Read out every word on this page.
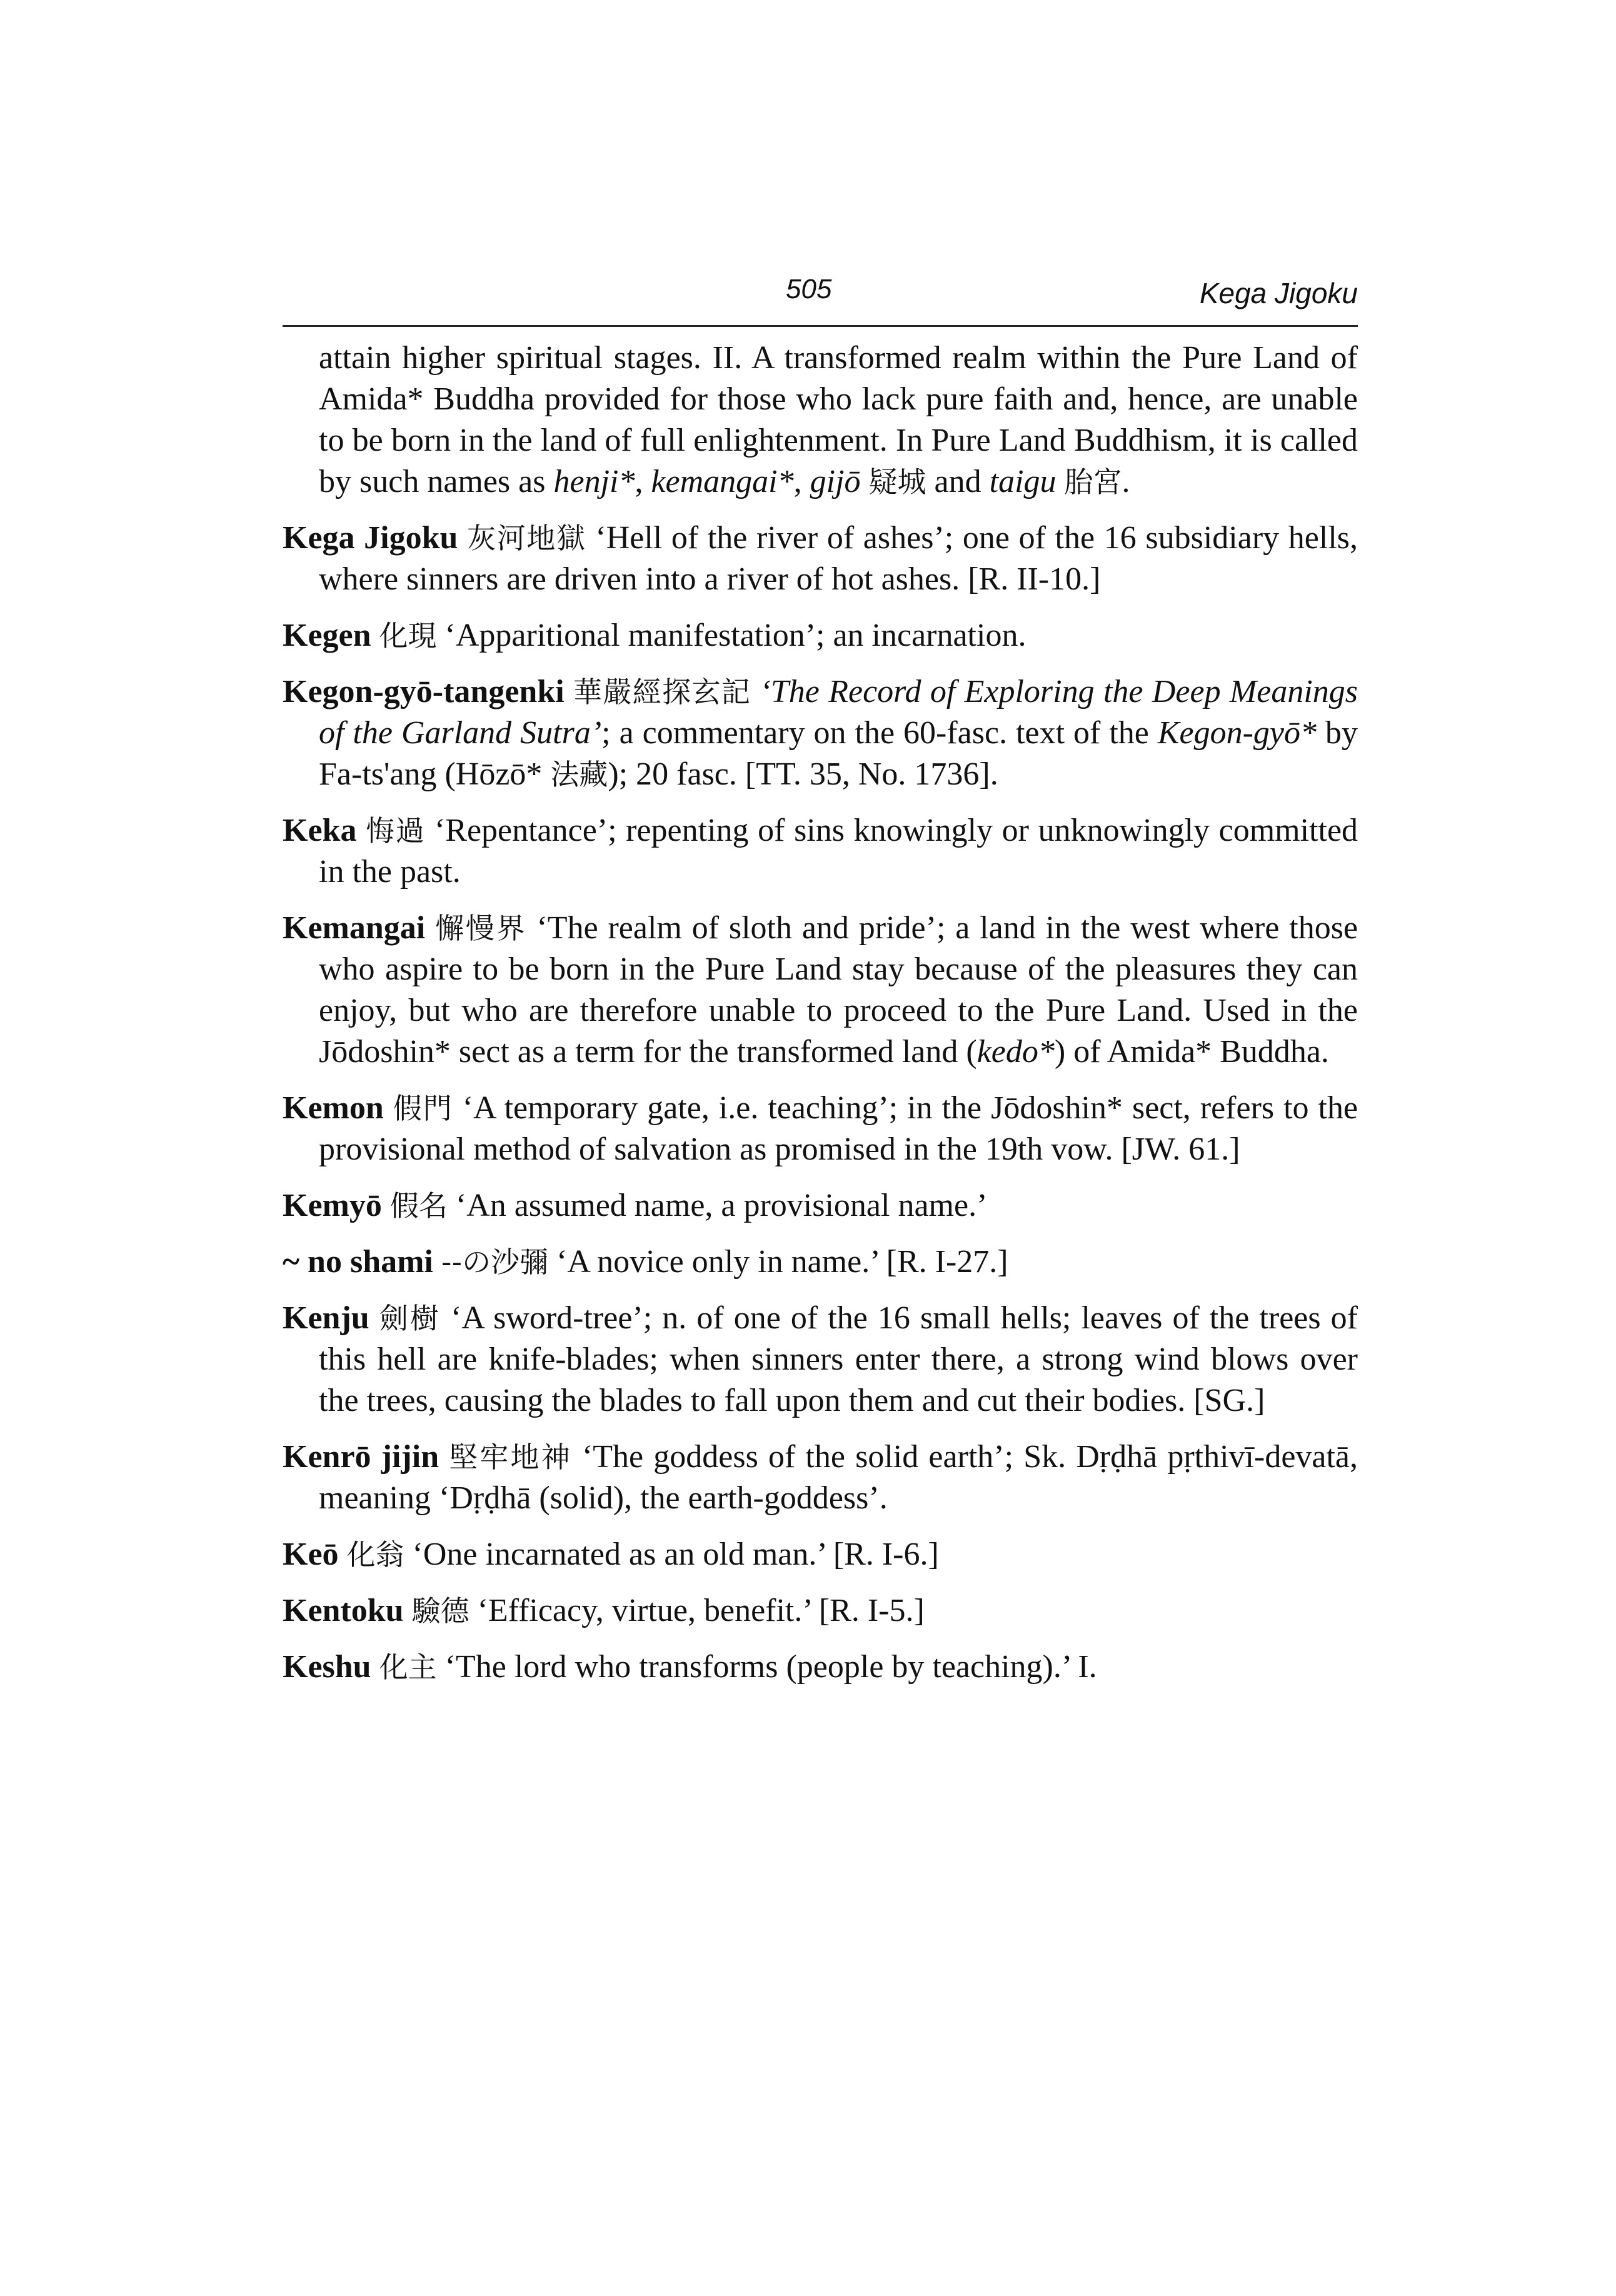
505	Kega Jigoku

attain higher spiritual stages. II. A transformed realm within the Pure Land of Amida* Buddha provided for those who lack pure faith and, hence, are unable to be born in the land of full enlightenment. In Pure Land Buddhism, it is called by such names as henji*, kemangai*, gijō 疑城 and taigu 胎宮.

Kega Jigoku 灰河地獄 ‘Hell of the river of ashes’; one of the 16 subsidiary hells, where sinners are driven into a river of hot ashes. [R. II-10.]

Kegen 化現 ‘Apparitional manifestation’; an incarnation.

Kegon-gyō-tangenki 華嚴經探玄記 ‘The Record of Exploring the Deep Meanings of the Garland Sutra’; a commentary on the 60-fasc. text of the Kegon-gyō* by Fa-ts'ang (Hōzō* 法藏); 20 fasc. [TT. 35, No. 1736].

Keka 悔過 ‘Repentance’; repenting of sins knowingly or unknowingly committed in the past.

Kemangai 懈慢界 ‘The realm of sloth and pride’; a land in the west where those who aspire to be born in the Pure Land stay because of the pleasures they can enjoy, but who are therefore unable to proceed to the Pure Land. Used in the Jōdoshin* sect as a term for the transformed land (kedo*) of Amida* Buddha.

Kemon 假門 ‘A temporary gate, i.e. teaching’; in the Jōdoshin* sect, refers to the provisional method of salvation as promised in the 19th vow. [JW. 61.]

Kemyō 假名 ‘An assumed name, a provisional name.’

~ no shami --の沙彌 ‘A novice only in name.’ [R. I-27.]

Kenju 劍樹 ‘A sword-tree’; n. of one of the 16 small hells; leaves of the trees of this hell are knife-blades; when sinners enter there, a strong wind blows over the trees, causing the blades to fall upon them and cut their bodies. [SG.]

Kenrō jijin 堅牢地神 ‘The goddess of the solid earth’; Sk. Dṛḍhā pṛthivī-devatā, meaning ‘Dṛḍhā (solid), the earth-goddess’.

Keō 化翁 ‘One incarnated as an old man.’ [R. I-6.]

Kentoku 驗德 ‘Efficacy, virtue, benefit.’ [R. I-5.]

Keshu 化主 ‘The lord who transforms (people by teaching).’ I.
